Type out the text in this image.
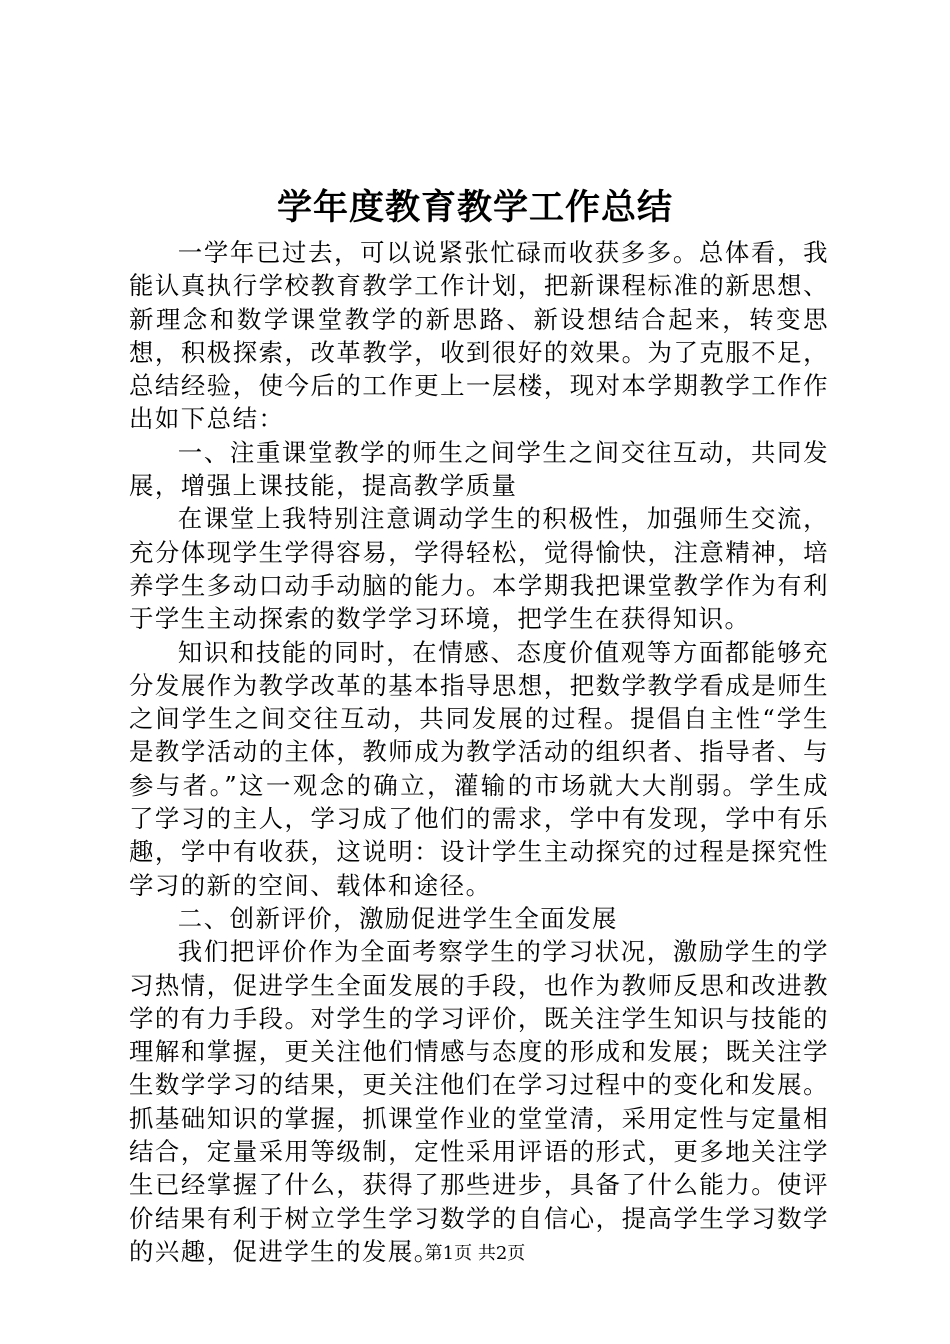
学年度教育教学工作总结

一学年已过去，可以说紧张忙碌而收获多多。总体看，我能认真执行学校教育教学工作计划，把新课程标准的新思想、新理念和数学课堂教学的新思路、新设想结合起来，转变思想，积极探索，改革教学，收到很好的效果。为了克服不足，总结经验，使今后的工作更上一层楼，现对本学期教学工作作出如下总结：

一、注重课堂教学的师生之间学生之间交往互动，共同发展，增强上课技能，提高教学质量

在课堂上我特别注意调动学生的积极性，加强师生交流，充分体现学生学得容易，学得轻松，觉得愉快，注意精神，培养学生多动口动手动脑的能力。本学期我把课堂教学作为有利于学生主动探索的数学学习环境，把学生在获得知识。

知识和技能的同时，在情感、态度价值观等方面都能够充分发展作为教学改革的基本指导思想，把数学教学看成是师生之间学生之间交往互动，共同发展的过程。提倡自主性“学生是教学活动的主体，教师成为教学活动的组织者、指导者、与参与者。”这一观念的确立，灌输的市场就大大削弱。学生成了学习的主人，学习成了他们的需求，学中有发现，学中有乐趣，学中有收获，这说明：设计学生主动探究的过程是探究性学习的新的空间、载体和途径。

二、创新评价，激励促进学生全面发展

我们把评价作为全面考察学生的学习状况，激励学生的学习热情，促进学生全面发展的手段，也作为教师反思和改进教学的有力手段。对学生的学习评价，既关注学生知识与技能的理解和掌握，更关注他们情感与态度的形成和发展；既关注学生数学学习的结果，更关注他们在学习过程中的变化和发展。抓基础知识的掌握，抓课堂作业的堂堂清，采用定性与定量相结合，定量采用等级制，定性采用评语的形式，更多地关注学生已经掌握了什么，获得了那些进步，具备了什么能力。使评价结果有利于树立学生学习数学的自信心，提高学生学习数学的兴趣，促进学生的发展。

第1页 共2页
